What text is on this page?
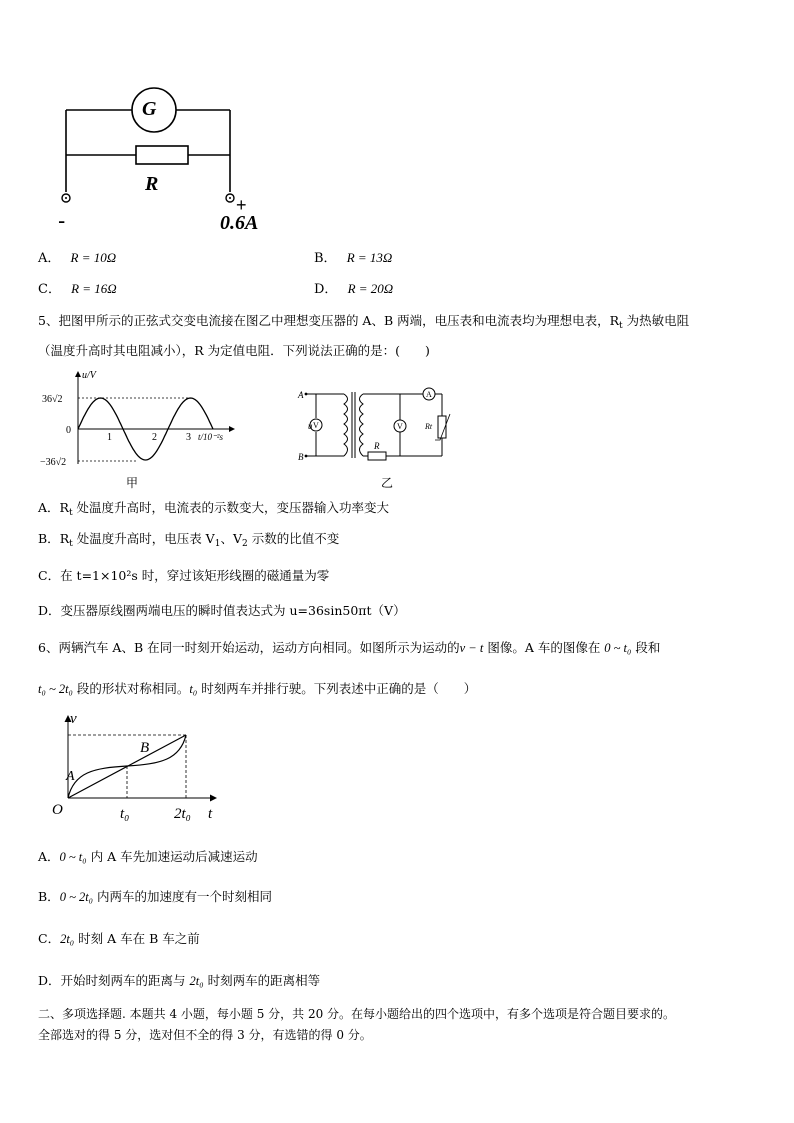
G
R
-
+
0.6A
A． R = 10Ω	B． R = 13Ω
C． R = 16Ω	D． R = 20Ω
5、把图甲所示的正弦式交变电流接在图乙中理想变压器的 A、B 两端，电压表和电流表均为理想电表，$R_t$ 为热敏电阻
（温度升高时其电阻减小），R 为定值电阻．下列说法正确的是：(　　)
36√2
−36√2
0
u/V
1	2	3 t/10⁻²s
甲
V
A
V
A
B
u
R
Rt
乙
A．$R_t$ 处温度升高时，电流表的示数变大，变压器输入功率变大
B．$R_t$ 处温度升高时，电压表 $V_1$、$V_2$ 示数的比值不变
C．在 t=1×10²s 时，穿过该矩形线圈的磁通量为零
D．变压器原线圈两端电压的瞬时值表达式为 u=36sin50πt（V）
6、两辆汽车 A、B 在同一时刻开始运动，运动方向相同。如图所示为运动的v − t 图像。A 车的图像在 0 ~ t₀ 段和
t₀ ~ 2t₀ 段的形状对称相同。t₀ 时刻两车并排行驶。下列表述中正确的是（　　）
v
t
O
A
B
t₀	2t₀
A．0 ~ t₀ 内 A 车先加速运动后减速运动
B．0 ~ 2t₀ 内两车的加速度有一个时刻相同
C．2t₀ 时刻 A 车在 B 车之前
D．开始时刻两车的距离与 2t₀ 时刻两车的距离相等
二、多项选择题. 本题共 4 小题，每小题 5 分，共 20 分。在每小题给出的四个选项中，有多个选项是符合题目要求的。
全部选对的得 5 分，选对但不全的得 3 分，有选错的得 0 分。
